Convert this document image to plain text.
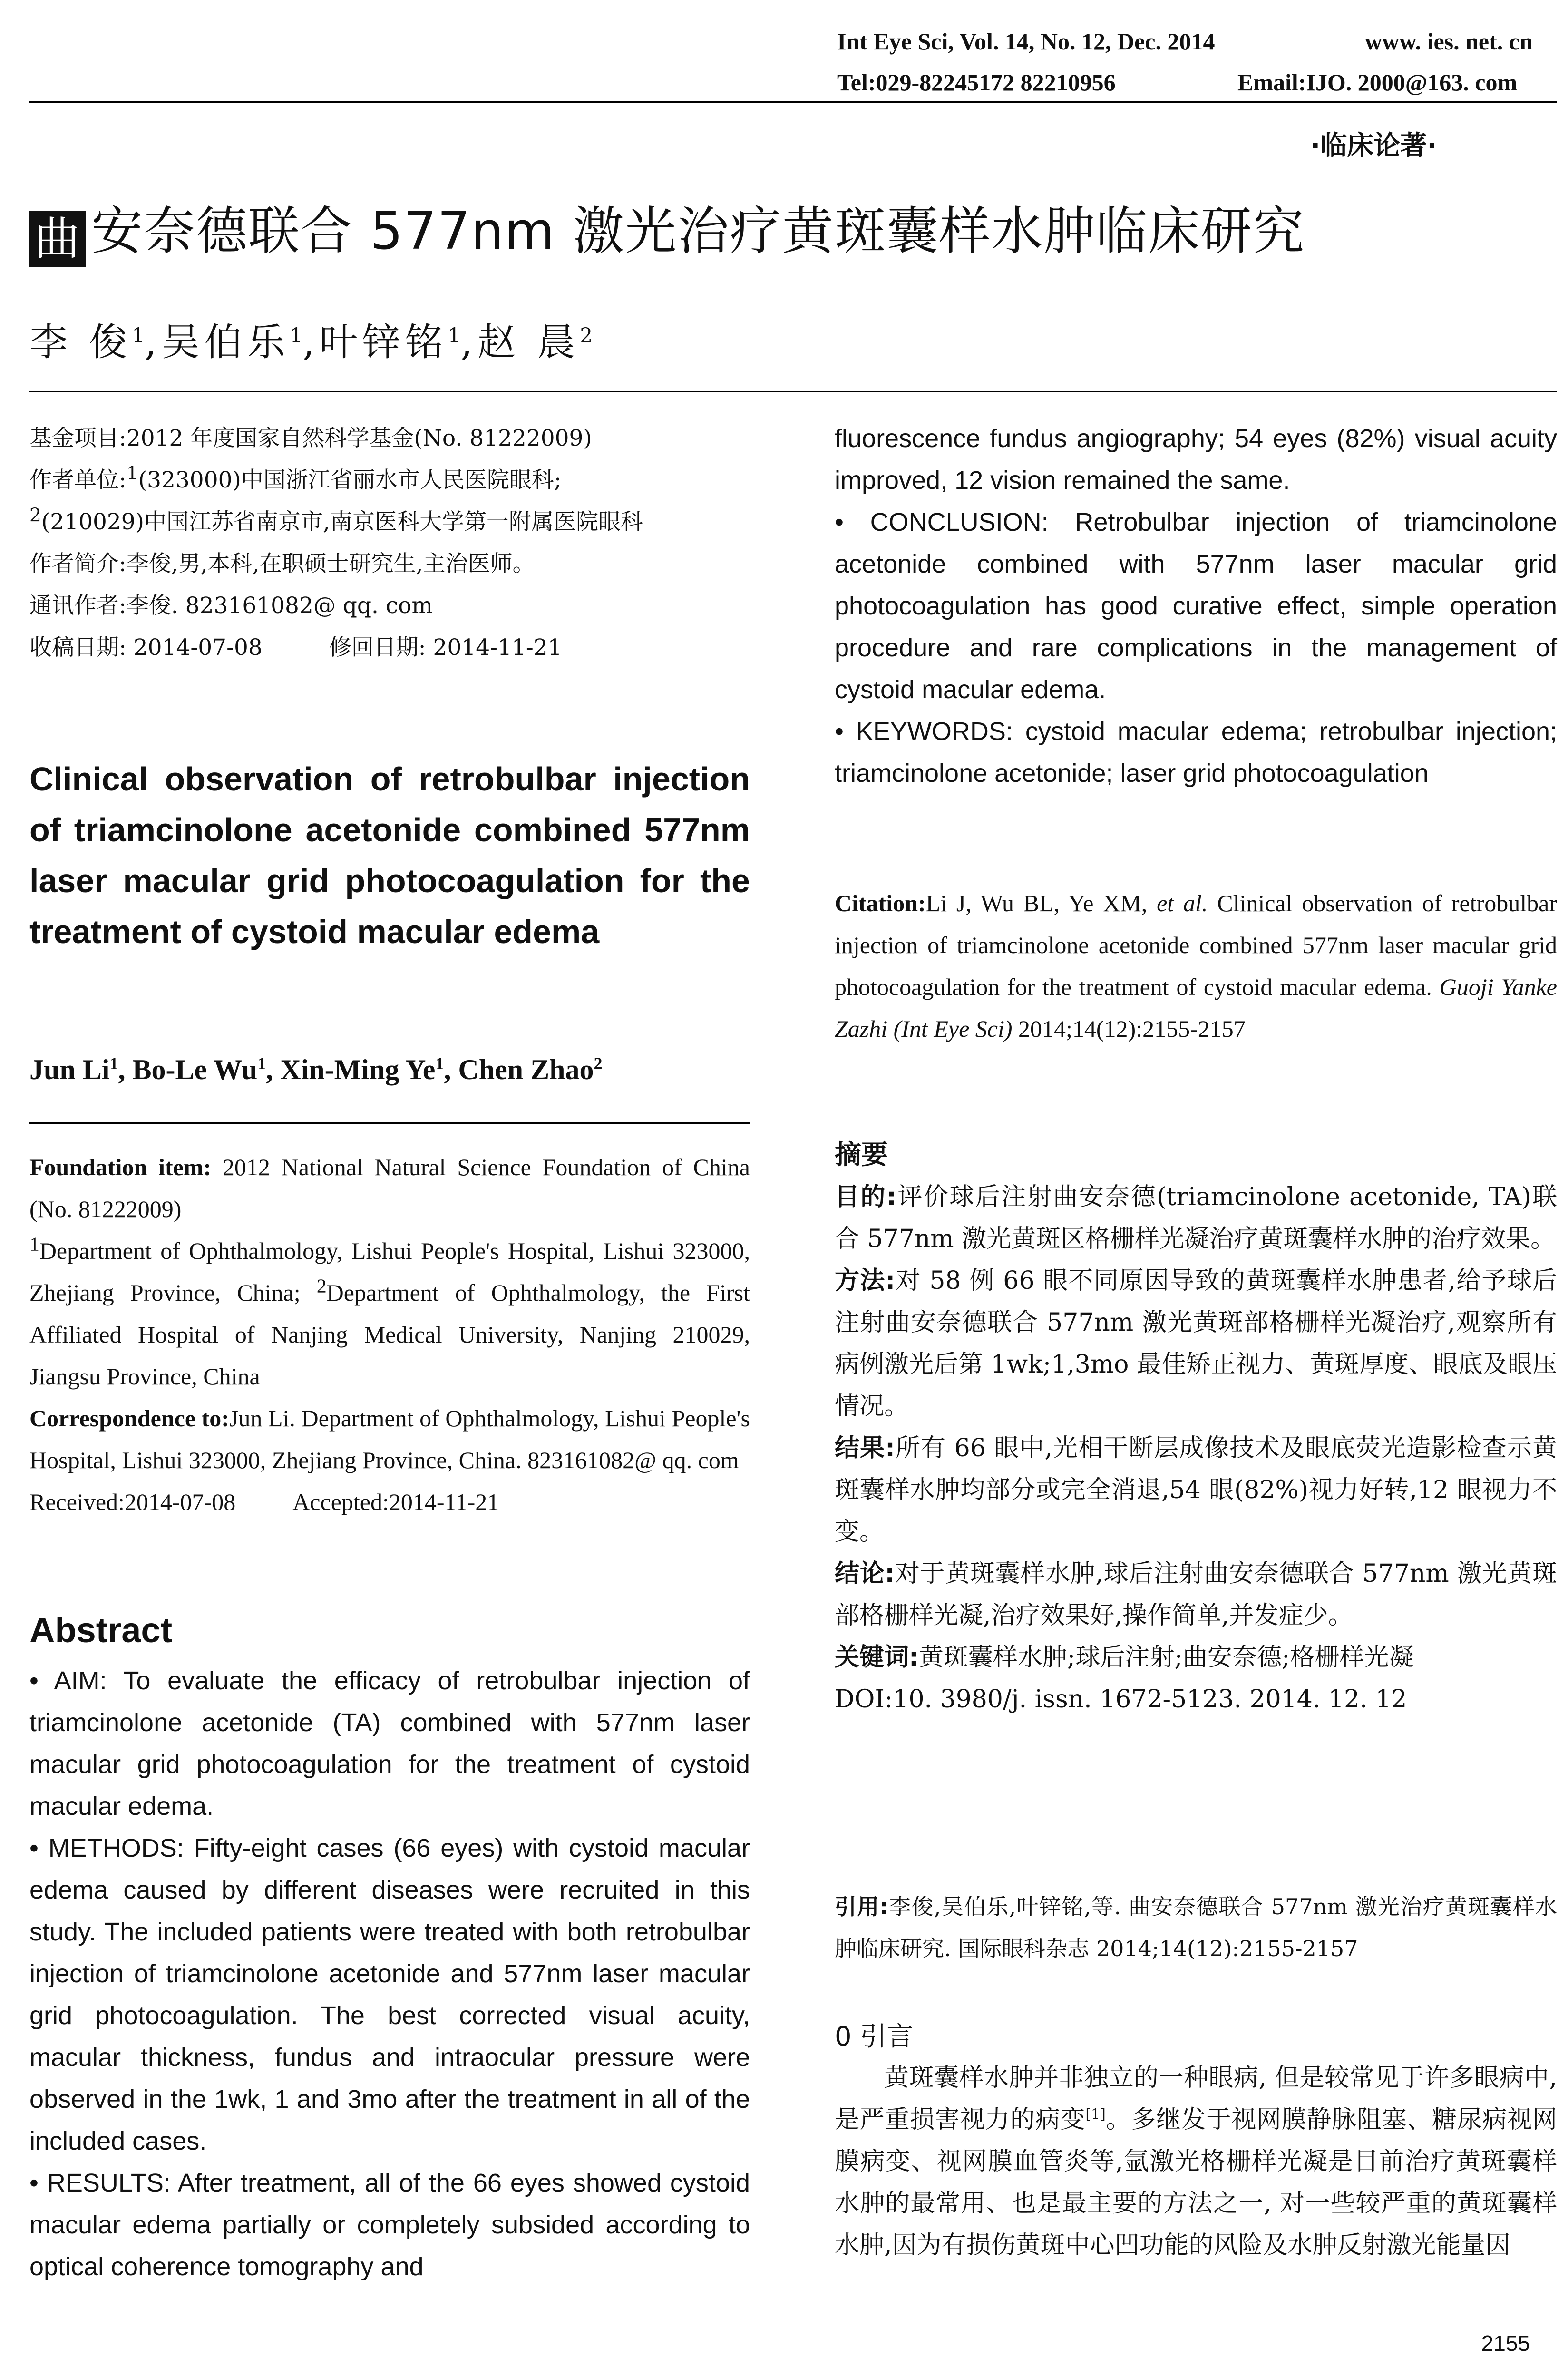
Int Eye Sci, Vol. 14, No. 12, Dec. 2014	www. ies. net. cn
Tel:029-82245172 82210956	Email:IJO. 2000@163. com
·临床论著·
曲 安奈德联合 577nm 激光治疗黄斑囊样水肿临床研究
李 俊$^1$,吴伯乐$^1$,叶锌铭$^1$,赵 晨$^2$

基金项目:2012 年度国家自然科学基金(No. 81222009)

作者单位:$^1$(323000)中国浙江省丽水市人民医院眼科;
$^2$(210029)中国江苏省南京市,南京医科大学第一附属医院眼科

作者简介:李俊,男,本科,在职硕士研究生,主治医师。

通讯作者:李俊. 823161082@ qq. com

收稿日期: 2014-07-08	修回日期: 2014-11-21

Clinical observation of retrobulbar injection of triamcinolone acetonide combined 577nm laser macular grid photocoagulation for the treatment of cystoid macular edema

Jun Li$^1$, Bo-Le Wu$^1$, Xin-Ming Ye$^1$, Chen Zhao$^2$

Foundation item: 2012 National Natural Science Foundation of China (No. 81222009)

$^1$Department of Ophthalmology, Lishui People's Hospital, Lishui 323000, Zhejiang Province, China; $^2$Department of Ophthalmology, the First Affiliated Hospital of Nanjing Medical University, Nanjing 210029, Jiangsu Province, China

Correspondence to:Jun Li. Department of Ophthalmology, Lishui People's Hospital, Lishui 323000, Zhejiang Province, China. 823161082@ qq. com

Received:2014-07-08 Accepted:2014-11-21

Abstract

• AIM: To evaluate the efficacy of retrobulbar injection of triamcinolone acetonide (TA) combined with 577nm laser macular grid photocoagulation for the treatment of cystoid macular edema.

• METHODS: Fifty-eight cases (66 eyes) with cystoid macular edema caused by different diseases were recruited in this study. The included patients were treated with both retrobulbar injection of triamcinolone acetonide and 577nm laser macular grid photocoagulation. The best corrected visual acuity, macular thickness, fundus and intraocular pressure were observed in the 1wk, 1 and 3mo after the treatment in all of the included cases.

• RESULTS: After treatment, all of the 66 eyes showed cystoid macular edema partially or completely subsided according to optical coherence tomography and

fluorescence fundus angiography; 54 eyes (82%) visual acuity improved, 12 vision remained the same.

• CONCLUSION: Retrobulbar injection of triamcinolone acetonide combined with 577nm laser macular grid photocoagulation has good curative effect, simple operation procedure and rare complications in the management of cystoid macular edema.

• KEYWORDS: cystoid macular edema; retrobulbar injection; triamcinolone acetonide; laser grid photocoagulation

Citation:Li J, Wu BL, Ye XM, et al. Clinical observation of retrobulbar injection of triamcinolone acetonide combined 577nm laser macular grid photocoagulation for the treatment of cystoid macular edema. Guoji Yanke Zazhi (Int Eye Sci) 2014;14(12):2155-2157

摘要

目的:评价球后注射曲安奈德(triamcinolone acetonide, TA)联合 577nm 激光黄斑区格栅样光凝治疗黄斑囊样水肿的治疗效果。

方法:对 58 例 66 眼不同原因导致的黄斑囊样水肿患者,给予球后注射曲安奈德联合 577nm 激光黄斑部格栅样光凝治疗,观察所有病例激光后第 1wk;1,3mo 最佳矫正视力、黄斑厚度、眼底及眼压情况。

结果:所有 66 眼中,光相干断层成像技术及眼底荧光造影检查示黄斑囊样水肿均部分或完全消退,54 眼(82%)视力好转,12 眼视力不变。

结论:对于黄斑囊样水肿,球后注射曲安奈德联合 577nm 激光黄斑部格栅样光凝,治疗效果好,操作简单,并发症少。

关键词:黄斑囊样水肿;球后注射;曲安奈德;格栅样光凝

DOI:10. 3980/j. issn. 1672-5123. 2014. 12. 12

引用:李俊,吴伯乐,叶锌铭,等. 曲安奈德联合 577nm 激光治疗黄斑囊样水肿临床研究. 国际眼科杂志 2014;14(12):2155-2157

0 引言

黄斑囊样水肿并非独立的一种眼病, 但是较常见于许多眼病中,是严重损害视力的病变[1]。多继发于视网膜静脉阻塞、糖尿病视网膜病变、视网膜血管炎等,氩激光格栅样光凝是目前治疗黄斑囊样水肿的最常用、也是最主要的方法之一, 对一些较严重的黄斑囊样水肿,因为有损伤黄斑中心凹功能的风险及水肿反射激光能量因

2155
